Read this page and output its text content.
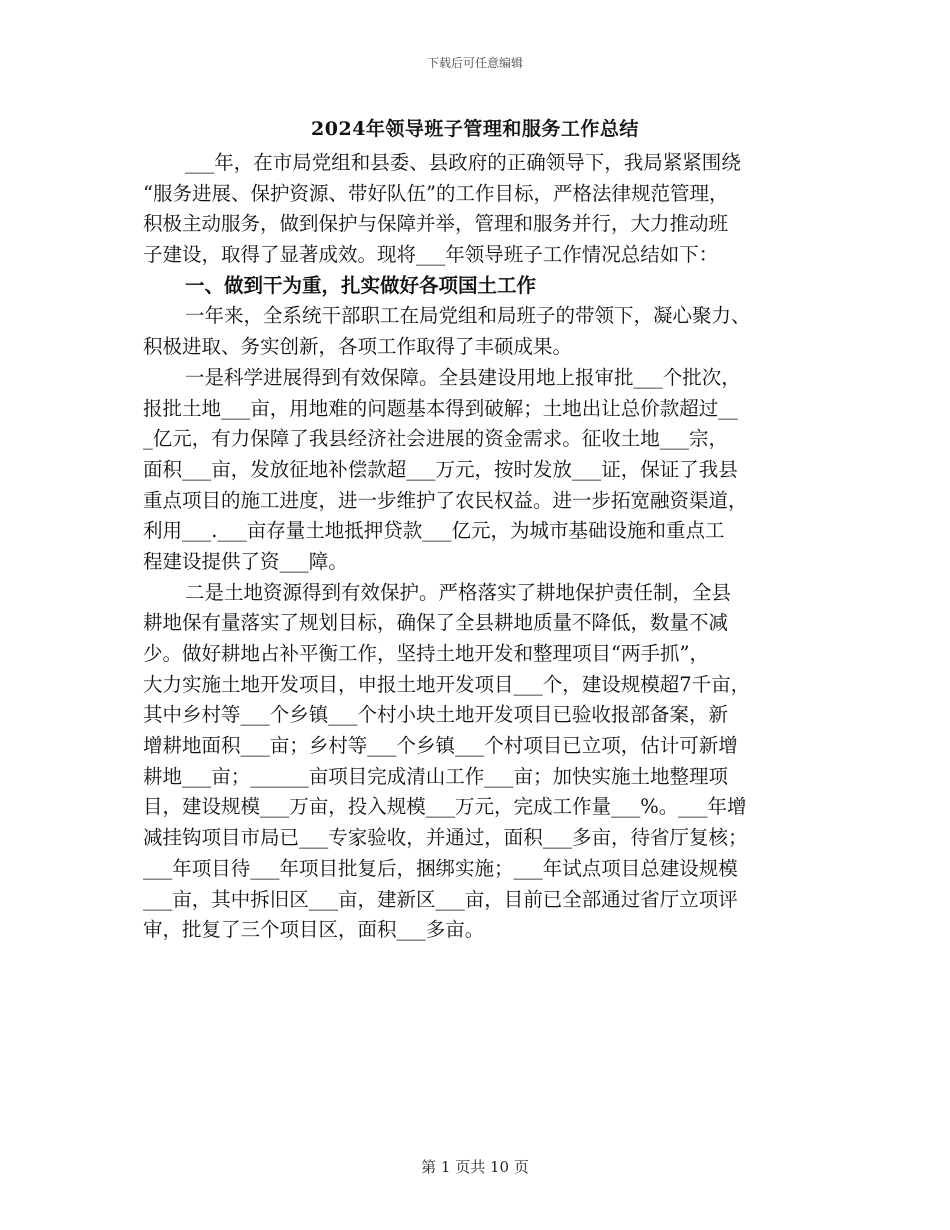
下载后可任意编辑
2024年领导班子管理和服务工作总结
___年，在市局党组和县委、县政府的正确领导下，我局紧紧围绕
“服务进展、保护资源、带好队伍”的工作目标，严格法律规范管理，
积极主动服务，做到保护与保障并举，管理和服务并行，大力推动班
子建设，取得了显著成效。现将___年领导班子工作情况总结如下：
一、做到干为重，扎实做好各项国土工作
一年来，全系统干部职工在局党组和局班子的带领下，凝心聚力、
积极进取、务实创新，各项工作取得了丰硕成果。
一是科学进展得到有效保障。全县建设用地上报审批___个批次，
报批土地___亩，用地难的问题基本得到破解；土地出让总价款超过__
_亿元，有力保障了我县经济社会进展的资金需求。征收土地___宗，
面积___亩，发放征地补偿款超___万元，按时发放___证，保证了我县
重点项目的施工进度，进一步维护了农民权益。进一步拓宽融资渠道，
利用___.___亩存量土地抵押贷款___亿元，为城市基础设施和重点工
程建设提供了资___障。
二是土地资源得到有效保护。严格落实了耕地保护责任制，全县
耕地保有量落实了规划目标，确保了全县耕地质量不降低，数量不减
少。做好耕地占补平衡工作，坚持土地开发和整理项目“两手抓”，
大力实施土地开发项目，申报土地开发项目___个，建设规模超7千亩，
其中乡村等___个乡镇___个村小块土地开发项目已验收报部备案，新
增耕地面积___亩；乡村等___个乡镇___个村项目已立项，估计可新增
耕地___亩；______亩项目完成清山工作___亩；加快实施土地整理项
目，建设规模___万亩，投入规模___万元，完成工作量___%。___年增
减挂钩项目市局已___专家验收，并通过，面积___多亩，待省厅复核；
___年项目待___年项目批复后，捆绑实施；___年试点项目总建设规模
___亩，其中拆旧区___亩，建新区___亩，目前已全部通过省厅立项评
审，批复了三个项目区，面积___多亩。
第 1 页共 10 页
